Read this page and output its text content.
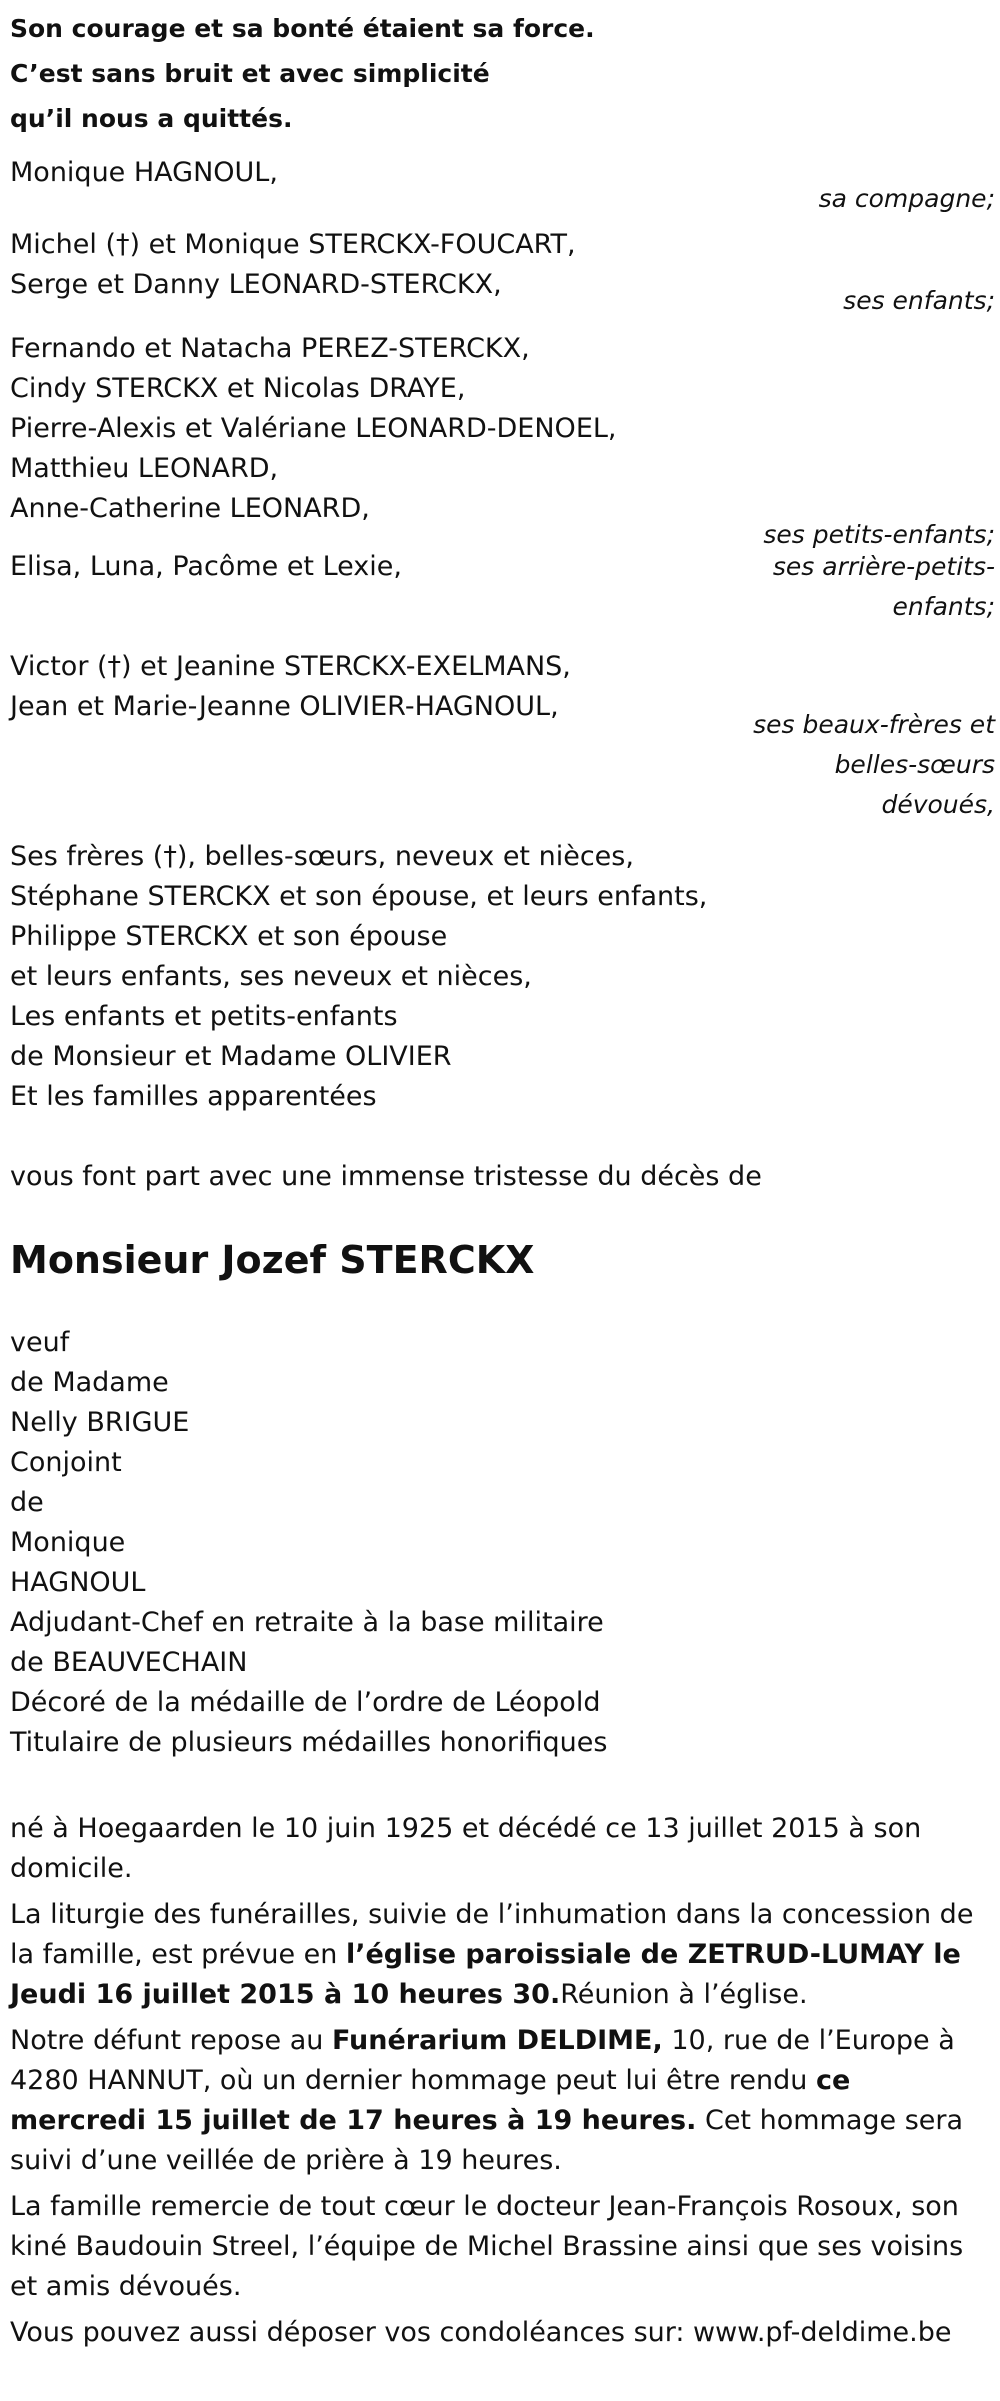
Son courage et sa bonté étaient sa force.
C’est sans bruit et avec simplicité
qu’il nous a quittés.
Monique HAGNOUL,
sa compagne;
Michel (†) et Monique STERCKX-FOUCART,
Serge et Danny LEONARD-STERCKX,
ses enfants;
Fernando et Natacha PEREZ-STERCKX,
Cindy STERCKX et Nicolas DRAYE,
Pierre-Alexis et Valériane LEONARD-DENOEL,
Matthieu LEONARD,
Anne-Catherine LEONARD,
ses petits-enfants;
Elisa, Luna, Pacôme et Lexie,	ses arrière-petits-enfants;
Victor (†) et Jeanine STERCKX-EXELMANS,
Jean et Marie-Jeanne OLIVIER-HAGNOUL,
ses beaux-frères et belles-sœurs dévoués,
Ses frères (†), belles-sœurs, neveux et nièces,
Stéphane STERCKX et son épouse, et leurs enfants,
Philippe STERCKX et son épouse
et leurs enfants, ses neveux et nièces,
Les enfants et petits-enfants
de Monsieur et Madame OLIVIER
Et les familles apparentées
vous font part avec une immense tristesse du décès de
Monsieur Jozef STERCKX
veuf
de Madame
Nelly BRIGUE
Conjoint
de
Monique
HAGNOUL
Adjudant-Chef en retraite à la base militaire
de BEAUVECHAIN
Décoré de la médaille de l’ordre de Léopold
Titulaire de plusieurs médailles honorifiques
né à Hoegaarden le 10 juin 1925 et décédé ce 13 juillet 2015 à son domicile.
La liturgie des funérailles, suivie de l’inhumation dans la concession de la famille, est prévue en l’église paroissiale de ZETRUD-LUMAY le Jeudi 16 juillet 2015 à 10 heures 30.Réunion à l’église.
Notre défunt repose au Funérarium DELDIME, 10, rue de l’Europe à 4280 HANNUT, où un dernier hommage peut lui être rendu ce mercredi 15 juillet de 17 heures à 19 heures. Cet hommage sera suivi d’une veillée de prière à 19 heures.
La famille remercie de tout cœur le docteur Jean-François Rosoux, son kiné Baudouin Streel, l’équipe de Michel Brassine ainsi que ses voisins et amis dévoués.
Vous pouvez aussi déposer vos condoléances sur: www.pf-deldime.be
